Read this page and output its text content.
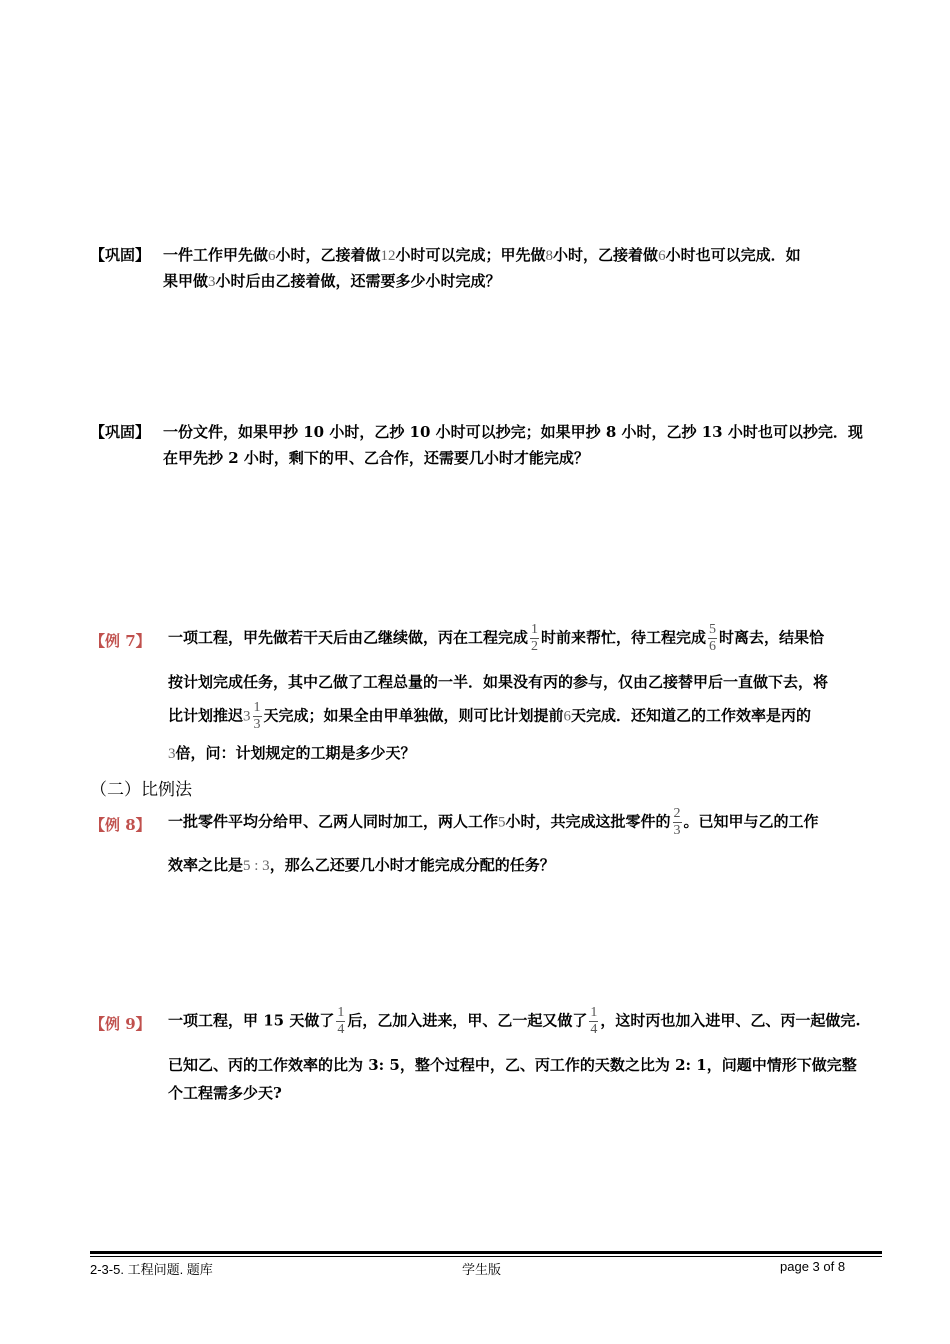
【巩固】 一件工作甲先做6小时，乙接着做12小时可以完成；甲先做8小时，乙接着做6小时也可以完成．如
果甲做3小时后由乙接着做，还需要多少小时完成？
【巩固】 一份文件，如果甲抄 10 小时，乙抄 10 小时可以抄完；如果甲抄 8 小时，乙抄 13 小时也可以抄完．现
在甲先抄 2 小时，剩下的甲、乙合作，还需要几小时才能完成？
【例 7】 一项工程，甲先做若干天后由乙继续做，丙在工程完成 $\frac{1}{2}$ 时前来帮忙，待工程完成 $\frac{5}{6}$ 时离去，结果恰
按计划完成任务，其中乙做了工程总量的一半．如果没有丙的参与，仅由乙接替甲后一直做下去，将
比计划推迟$3 \frac{1}{3}$ 天完成；如果全由甲单独做，则可比计划提前6天完成．还知道乙的工作效率是丙的
3倍，问：计划规定的工期是多少天？
（二）比例法
【例 8】 一批零件平均分给甲、乙两人同时加工，两人工作5小时，共完成这批零件的 $\frac{2}{3}$ 。已知甲与乙的工作
效率之比是5 : 3，那么乙还要几小时才能完成分配的任务？
【例 9】 一项工程，甲 15 天做了 $\frac{1}{4}$ 后，乙加入进来，甲、乙一起又做了 $\frac{1}{4}$ ，这时丙也加入进甲、乙、丙一起做完.
已知乙、丙的工作效率的比为 3: 5，整个过程中，乙、丙工作的天数之比为 2: 1，问题中情形下做完整
个工程需多少天?
2-3-5. 工程问题. 题库	学生版	page 3 of 8
